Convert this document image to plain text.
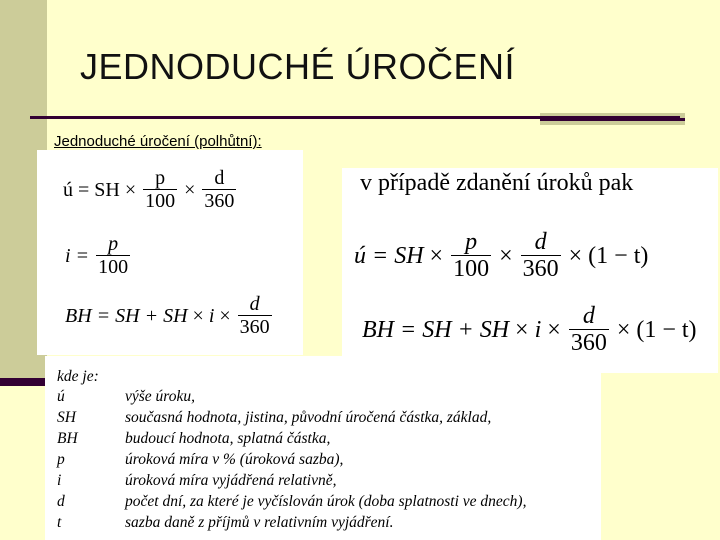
JEDNODUCHÉ ÚROČENÍ
Jednoduché úročení (polhůtní):
ú = SH × $\frac{p}{100} \times \frac{d}{360}$
$i = \frac{p}{100}$
BH = SH + SH × $i \times \frac{d}{360}$
v případě zdanění úroků pak
ú = SH × $\frac{p}{100} \times \frac{d}{360} \times (1 - t)$
BH = SH + SH × $i \times \frac{d}{360} \times (1 - t)$
kde je:
ú	výše úroku,
SH	současná hodnota, jistina, původní úročená částka, základ,
BH	budoucí hodnota, splatná částka,
p	úroková míra v % (úroková sazba),
i	úroková míra vyjádřená relativně,
d	počet dní, za které je vyčíslován úrok (doba splatnosti ve dnech),
t	sazba daně z příjmů v relativním vyjádření.
